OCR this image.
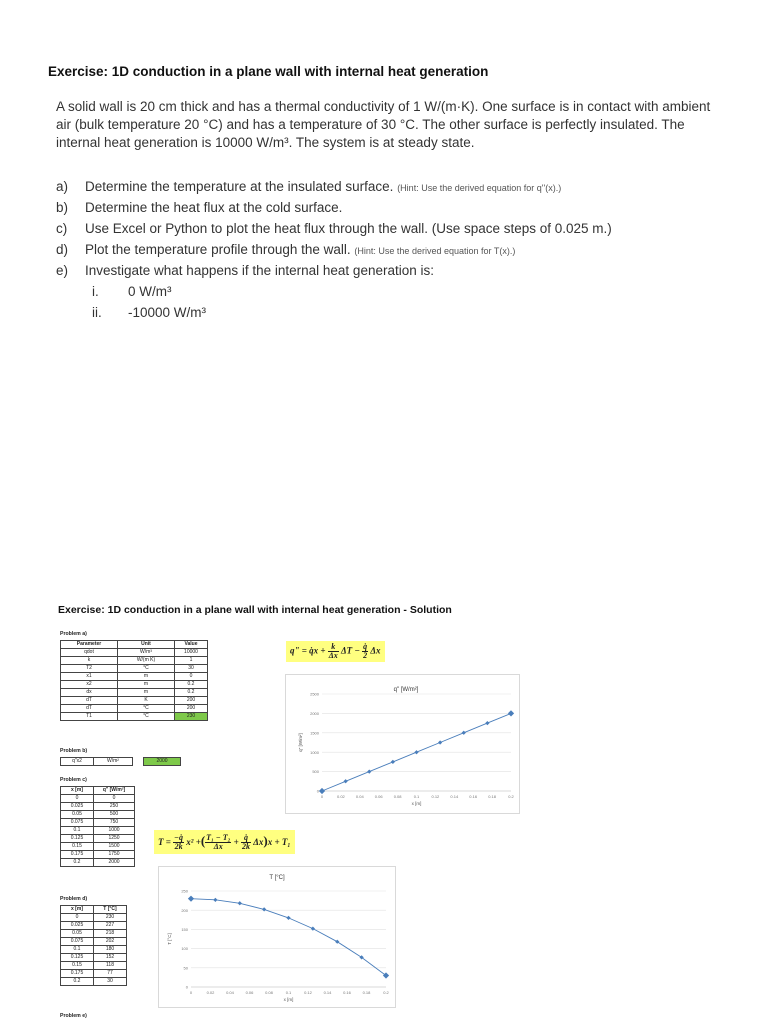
Exercise: 1D conduction in a plane wall with internal heat generation
A solid wall is 20 cm thick and has a thermal conductivity of 1 W/(m·K). One surface is in contact with ambient air (bulk temperature 20 °C) and has a temperature of 30 °C. The other surface is perfectly insulated. The internal heat generation is 10000 W/m³. The system is at steady state.
a) Determine the temperature at the insulated surface. (Hint: Use the derived equation for q''(x).)
b) Determine the heat flux at the cold surface.
c) Use Excel or Python to plot the heat flux through the wall. (Use space steps of 0.025 m.)
d) Plot the temperature profile through the wall. (Hint: Use the derived equation for T(x).)
e) Investigate what happens if the internal heat generation is:
i. 0 W/m³
ii. -10000 W/m³
Exercise: 1D conduction in a plane wall with internal heat generation - Solution
Problem a)
Parameter	Unit	Value
qdot	W/m³	10000
k	W/(m K)	1
T2	°C	30
x1	m	0
x2	m	0.2
dx	m	0.2
dT	K	200
dT	°C	200
T1	°C	230
Problem b)
q"x2	W/m²		2000
Problem c)
x [m]	q" [W/m²]
0	0
0.025	250
0.05	500
0.075	750
0.1	1000
0.125	1250
0.15	1500
0.175	1750
0.2	2000
Problem d)
x [m]	T [°C]
0	230
0.025	227
0.05	218
0.075	202
0.1	180
0.125	152
0.15	118
0.175	77
0.2	30
Problem e)
q" = q̇x + $\frac{k}{\Delta x}$ $\Delta T - \frac{q̇}{2}$ Δx
$T = \frac{-q̇}{2k} x^2$ +( $\frac{\text{T₁ − T₂}}{\Delta x} + \frac{q̇}{2k} \Delta x)x + T_1$
q" [W/m²]
0
500
1000
1500
2000
2500
0	0.02	0.04	0.06	0.08	0.1	0.12	0.14	0.16	0.18	0.2
x [m]
q" [W/m²]
T [°C]
0
50
100
150
200
250
0	0.02	0.04	0.06	0.08	0.1	0.12	0.14	0.16	0.18	0.2
x [m]
T [°C]
